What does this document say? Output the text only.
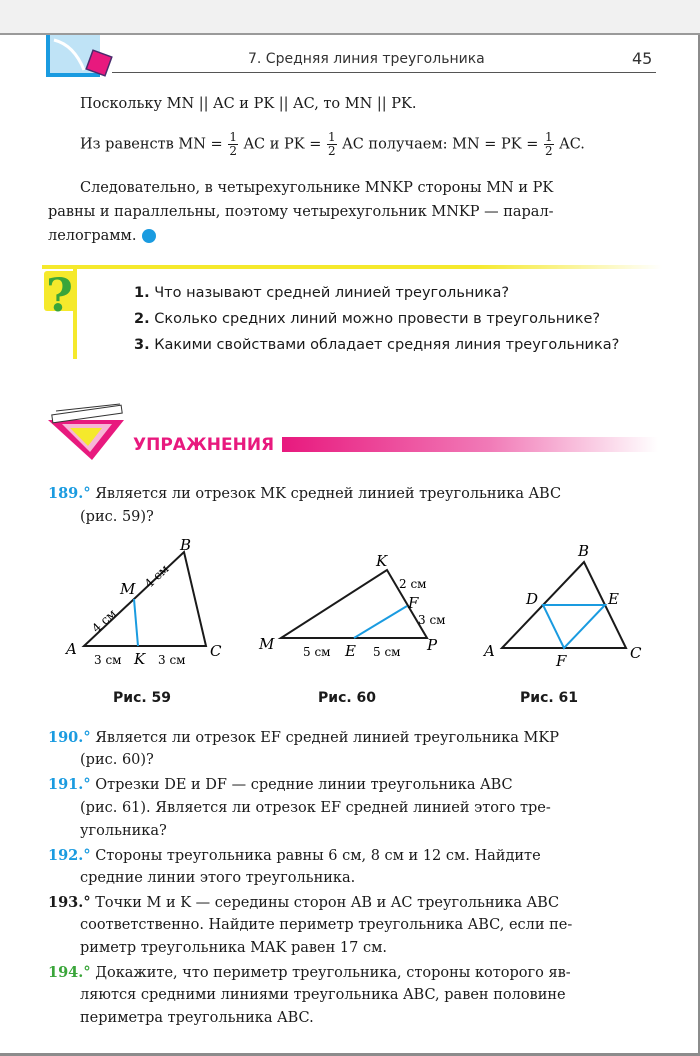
7. Средняя линия треугольника	45
Поскольку MN || AC и PK || AC, то MN || PK.
Из равенств MN = $\frac{1}{2}$ AC и PK = $\frac{1}{2}$ AC получаем: MN = PK = $\frac{1}{2}$ AC.
Следовательно, в четырехугольнике MNKP стороны MN и PK
равны и параллельны, поэтому четырехугольник MNKP — парал-
лелограмм.
?	1. Что называют средней линией треугольника?
2. Сколько средних линий можно провести в треугольнике?
3. Какими свойствами обладает средняя линия треугольника?
УПРАЖНЕНИЯ
189.° Является ли отрезок MK средней линией треугольника ABC
(рис. 59)?
A
B
C
M
K
4 см
4 см
3 см	3 см
Рис. 59
M
K
P
E
F
2 см
3 см
5 см	5 см
Рис. 60
A
B
C
D	E
F
Рис. 61
190.° Является ли отрезок EF средней линией треугольника MKP
(рис. 60)?
191.° Отрезки DE и DF — средние линии треугольника ABC
(рис. 61). Является ли отрезок EF средней линией этого тре-
угольника?
192.° Стороны треугольника равны 6 см, 8 см и 12 см. Найдите
средние линии этого треугольника.
193.° Точки M и K — середины сторон AB и AC треугольника ABC
соответственно. Найдите периметр треугольника ABC, если пе-
риметр треугольника MAK равен 17 см.
194.° Докажите, что периметр треугольника, стороны которого яв-
ляются средними линиями треугольника ABC, равен половине
периметра треугольника ABC.
